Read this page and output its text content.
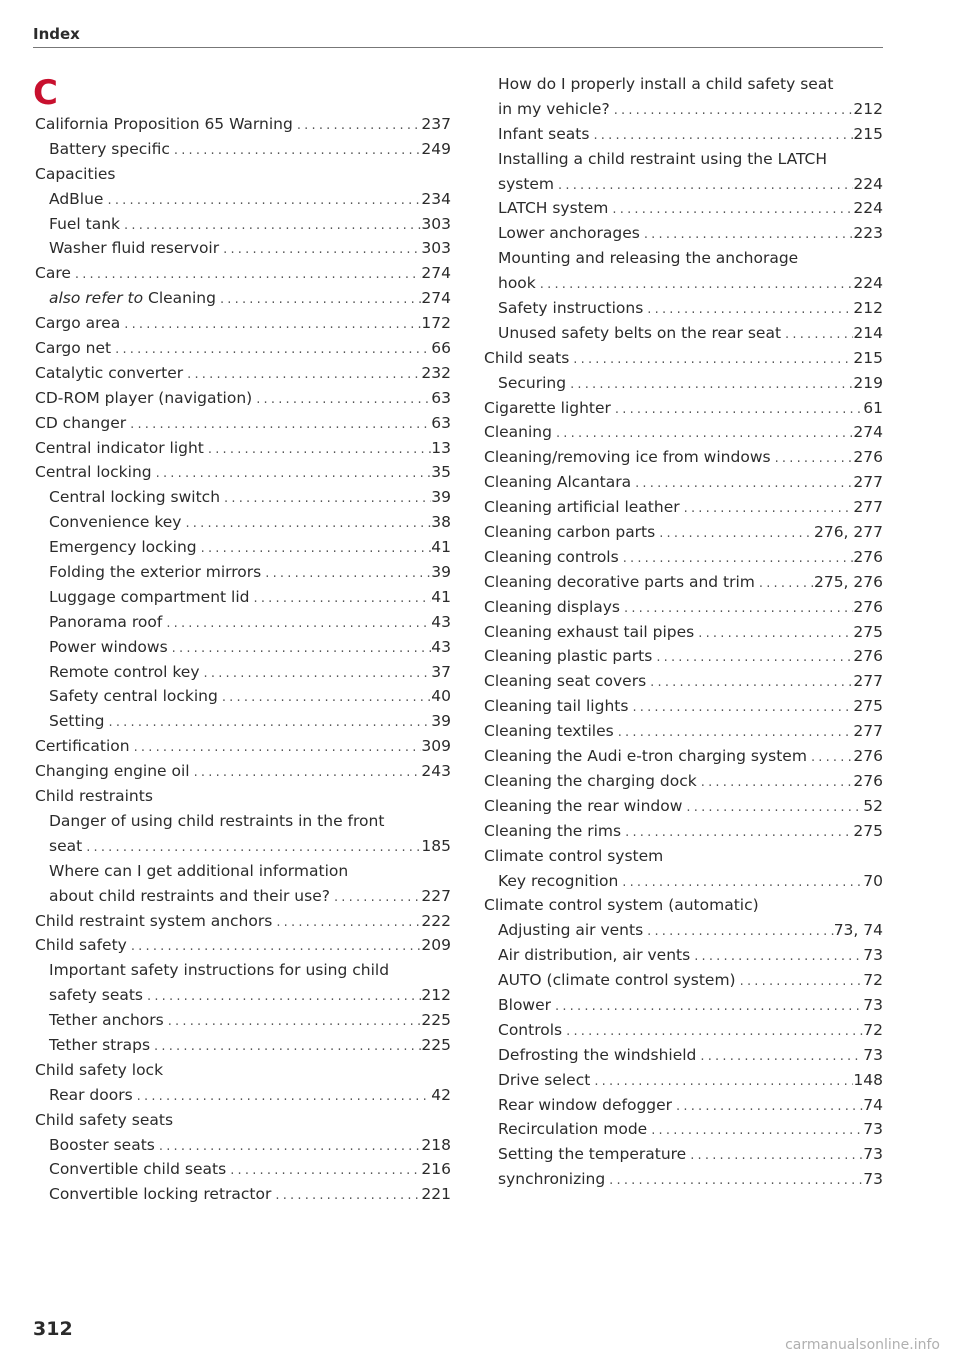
Index
C
California Proposition 65 Warning .....	237
Battery specific .....	249
Capacities
AdBlue .....	234
Fuel tank .....	303
Washer fluid reservoir .....	303
Care .....	274
also refer to Cleaning .....	274
Cargo area .....	172
Cargo net .....	66
Catalytic converter .....	232
CD-ROM player (navigation) .....	63
CD changer .....	63
Central indicator light .....	13
Central locking .....	35
Central locking switch .....	39
Convenience key .....	38
Emergency locking .....	41
Folding the exterior mirrors .....	39
Luggage compartment lid .....	41
Panorama roof .....	43
Power windows .....	43
Remote control key .....	37
Safety central locking .....	40
Setting .....	39
Certification .....	309
Changing engine oil .....	243
Child restraints
Danger of using child restraints in the front
seat .....	185
Where can I get additional information
about child restraints and their use? .....	227
Child restraint system anchors .....	222
Child safety .....	209
Important safety instructions for using child
safety seats .....	212
Tether anchors .....	225
Tether straps .....	225
Child safety lock
Rear doors .....	42
Child safety seats
Booster seats .....	218
Convertible child seats .....	216
Convertible locking retractor .....	221
How do I properly install a child safety seat
in my vehicle? .....	212
Infant seats .....	215
Installing a child restraint using the LATCH
system .....	224
LATCH system .....	224
Lower anchorages .....	223
Mounting and releasing the anchorage
hook .....	224
Safety instructions .....	212
Unused safety belts on the rear seat .....	214
Child seats .....	215
Securing .....	219
Cigarette lighter .....	61
Cleaning .....	274
Cleaning/removing ice from windows .....	276
Cleaning Alcantara .....	277
Cleaning artificial leather .....	277
Cleaning carbon parts .....	276, 277
Cleaning controls .....	276
Cleaning decorative parts and trim .....	275, 276
Cleaning displays .....	276
Cleaning exhaust tail pipes .....	275
Cleaning plastic parts .....	276
Cleaning seat covers .....	277
Cleaning tail lights .....	275
Cleaning textiles .....	277
Cleaning the Audi e-tron charging system .....	276
Cleaning the charging dock .....	276
Cleaning the rear window .....	52
Cleaning the rims .....	275
Climate control system
Key recognition .....	70
Climate control system (automatic)
Adjusting air vents .....	73, 74
Air distribution, air vents .....	73
AUTO (climate control system) .....	72
Blower .....	73
Controls .....	72
Defrosting the windshield .....	73
Drive select .....	148
Rear window defogger .....	74
Recirculation mode .....	73
Setting the temperature .....	73
synchronizing .....	73
312
carmanualsonline.info
